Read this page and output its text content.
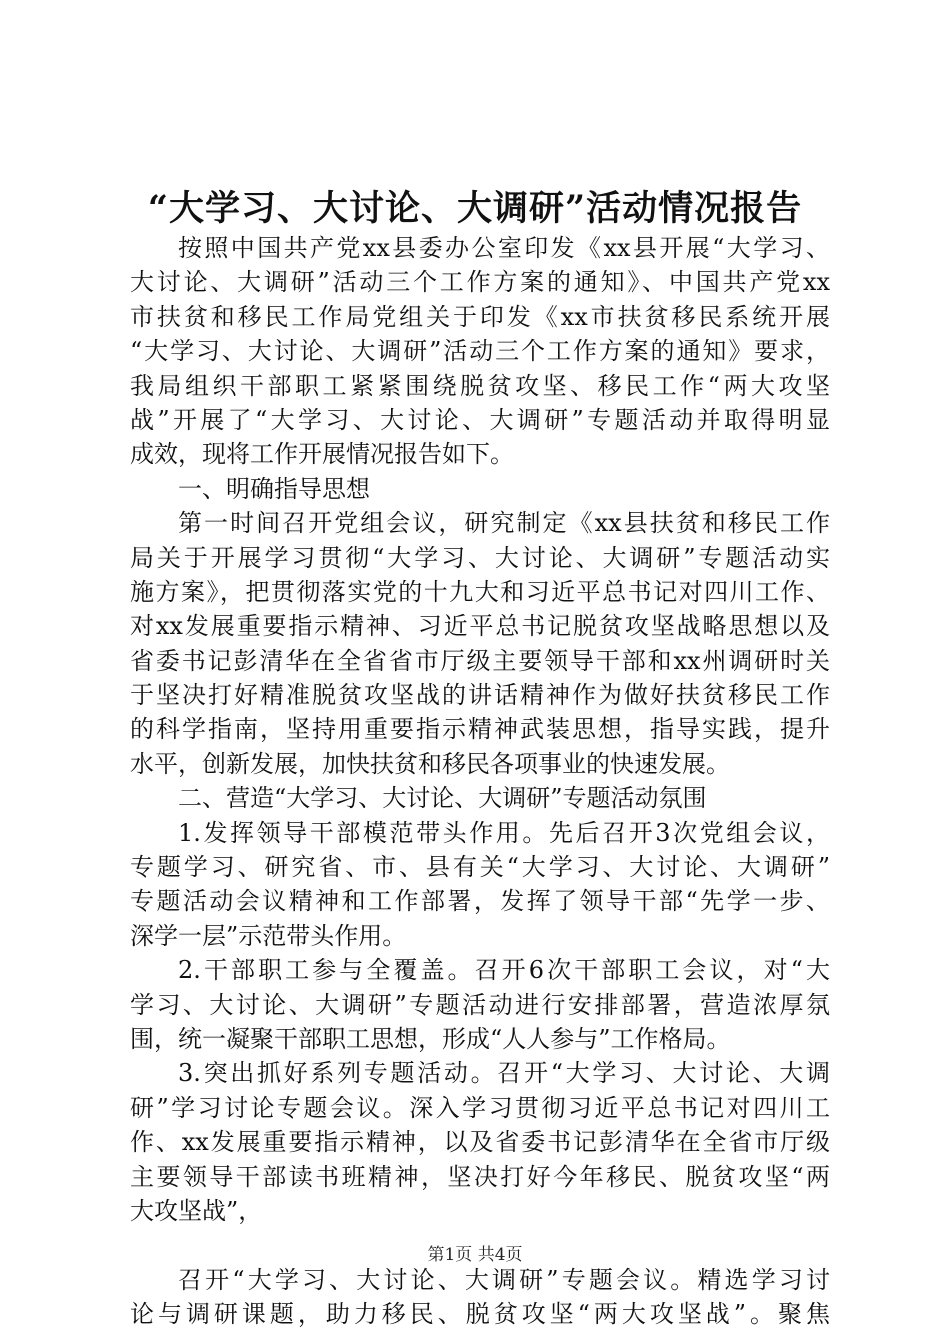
“大学习、大讨论、大调研”活动情况报告
按照中国共产党xx县委办公室印发《xx县开展“大学习、
大讨论、大调研”活动三个工作方案的通知》、中国共产党xx
市扶贫和移民工作局党组关于印发《xx市扶贫移民系统开展
“大学习、大讨论、大调研”活动三个工作方案的通知》要求，
我局组织干部职工紧紧围绕脱贫攻坚、移民工作“两大攻坚
战”开展了“大学习、大讨论、大调研”专题活动并取得明显
成效，现将工作开展情况报告如下。
一、明确指导思想
第一时间召开党组会议，研究制定《xx县扶贫和移民工作
局关于开展学习贯彻“大学习、大讨论、大调研”专题活动实
施方案》，把贯彻落实党的十九大和习近平总书记对四川工作、
对xx发展重要指示精神、习近平总书记脱贫攻坚战略思想以及
省委书记彭清华在全省省市厅级主要领导干部和xx州调研时关
于坚决打好精准脱贫攻坚战的讲话精神作为做好扶贫移民工作
的科学指南，坚持用重要指示精神武装思想，指导实践，提升
水平，创新发展，加快扶贫和移民各项事业的快速发展。
二、营造“大学习、大讨论、大调研”专题活动氛围
1.发挥领导干部模范带头作用。先后召开3次党组会议，
专题学习、研究省、市、县有关“大学习、大讨论、大调研”
专题活动会议精神和工作部署，发挥了领导干部“先学一步、
深学一层”示范带头作用。
2.干部职工参与全覆盖。召开6次干部职工会议，对“大
学习、大讨论、大调研”专题活动进行安排部署，营造浓厚氛
围，统一凝聚干部职工思想，形成“人人参与”工作格局。
3.突出抓好系列专题活动。召开“大学习、大讨论、大调
研”学习讨论专题会议。深入学习贯彻习近平总书记对四川工
作、xx发展重要指示精神，以及省委书记彭清华在全省市厅级
主要领导干部读书班精神，坚决打好今年移民、脱贫攻坚“两
大攻坚战”，
召开“大学习、大讨论、大调研”专题会议。精选学习讨
论与调研课题，助力移民、脱贫攻坚“两大攻坚战”。聚焦
第1页 共4页
